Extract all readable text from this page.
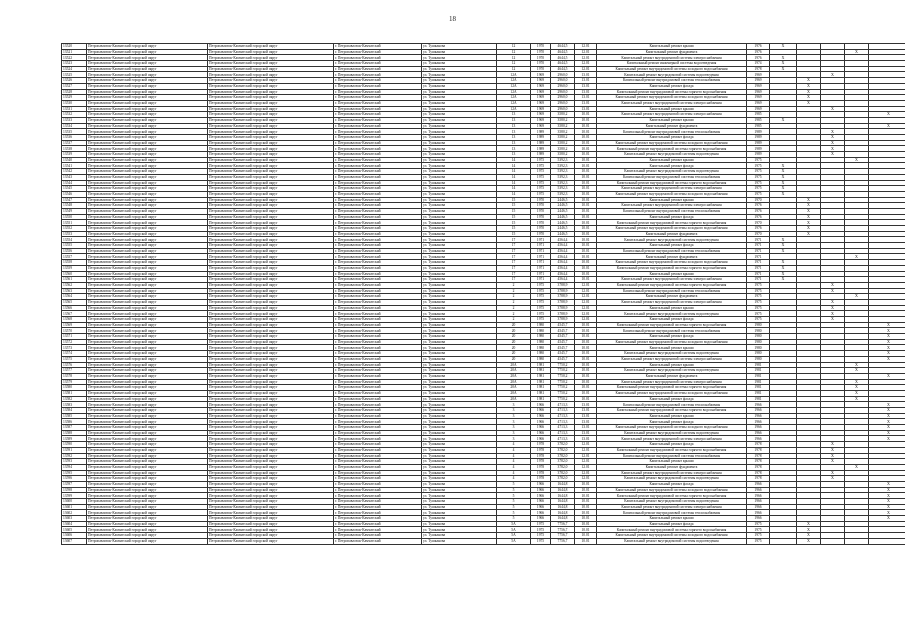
18
13520	Петропавловск-Камчатский городской округ	Петропавловск-Камчатский городской округ	г. Петропавловск-Камчатский	ул. Тушканова	12	1970	4644,5	12.01	Капитальный ремонт крыши	1976	X				
13521	Петропавловск-Камчатский городской округ	Петропавловск-Камчатский городской округ	г. Петропавловск-Камчатский	ул. Тушканова	12	1970	4644,5	12.01	Капитальный ремонт фундамента	1976				X	
13522	Петропавловск-Камчатский городской округ	Петропавловск-Камчатский городской округ	г. Петропавловск-Камчатский	ул. Тушканова	12	1970	4644,5	12.01	Капитальный ремонт внутридомовой системы электроснабжения	1976	X				
13523	Петропавловск-Камчатский городской округ	Петропавловск-Камчатский городской округ	г. Петропавловск-Камчатский	ул. Тушканова	12	1970	4644,5	12.01	Капитальный ремонт инженерной системы водоотведения	1974	X				
13524	Петропавловск-Камчатский городской округ	Петропавловск-Камчатский городской округ	г. Петропавловск-Камчатский	ул. Тушканова	12	1970	4644,5	12.01	Капитальный ремонт внутридомовой системы холодного водоснабжения	1978	X				
13525	Петропавловск-Камчатский городской округ	Петропавловск-Камчатский городской округ	г. Петропавловск-Камчатский	ул. Тушканова	12А	1969	2960,0	13.01	Капитальный ремонт внутридомовой системы водоотведения	1969			X		
13526	Петропавловск-Камчатский городской округ	Петропавловск-Камчатский городской округ	г. Петропавловск-Камчатский	ул. Тушканова	12А	1969	2960,0	13.01	Капитальный ремонт внутридомовой системы теплоснабжения	1969		X			
13527	Петропавловск-Камчатский городской округ	Петропавловск-Камчатский городской округ	г. Петропавловск-Камчатский	ул. Тушканова	12А	1969	2960,0	13.01	Капитальный ремонт фасада	1969		X			
13528	Петропавловск-Камчатский городской округ	Петропавловск-Камчатский городской округ	г. Петропавловск-Камчатский	ул. Тушканова	12А	1969	2960,0	13.01	Капитальный ремонт внутридомовой системы горячего водоснабжения	1969		X			
13529	Петропавловск-Камчатский городской округ	Петропавловск-Камчатский городской округ	г. Петропавловск-Камчатский	ул. Тушканова	12А	1969	2960,0	13.01	Капитальный ремонт внутридомовой системы холодного водоснабжения	1969		X			
13530	Петропавловск-Камчатский городской округ	Петропавловск-Камчатский городской округ	г. Петропавловск-Камчатский	ул. Тушканова	12А	1969	2960,0	13.01	Капитальный ремонт внутридомовой системы электроснабжения	1969		X			
13531	Петропавловск-Камчатский городской округ	Петропавловск-Камчатский городской округ	г. Петропавловск-Камчатский	ул. Тушканова	12А	1969	2960,0	13.01	Капитальный ремонт крыши	1969			X		
13532	Петропавловск-Камчатский городской округ	Петропавловск-Камчатский городской округ	г. Петропавловск-Камчатский	ул. Тушканова	13	1969	3580,2	10.01	Капитальный ремонт внутридомовой системы электроснабжения	1985					X
13533	Петропавловск-Камчатский городской округ	Петропавловск-Камчатский городской округ	г. Петропавловск-Камчатский	ул. Тушканова	13	1969	3580,2	10.01	Капитальный ремонт крыши	1985	X				
13534	Петропавловск-Камчатский городской округ	Петропавловск-Камчатский городской округ	г. Петропавловск-Камчатский	ул. Тушканова	13	1969	3580,2	10.01	Капитальный ремонт фундамента	1985					X
13535	Петропавловск-Камчатский городской округ	Петропавловск-Камчатский городской округ	г. Петропавловск-Камчатский	ул. Тушканова	13	1989	3580,2	10.01	Капитальный ремонт внутридомовой системы теплоснабжения	1989			X		
13536	Петропавловск-Камчатский городской округ	Петропавловск-Камчатский городской округ	г. Петропавловск-Камчатский	ул. Тушканова	13	1989	3580,2	10.01	Капитальный ремонт фасада	1989			X		
13537	Петропавловск-Камчатский городской округ	Петропавловск-Камчатский городской округ	г. Петропавловск-Камчатский	ул. Тушканова	13	1989	3580,2	10.01	Капитальный ремонт внутридомовой системы холодного водоснабжения	1989			X		
13538	Петропавловск-Камчатский городской округ	Петропавловск-Камчатский городской округ	г. Петропавловск-Камчатский	ул. Тушканова	13	1989	3580,2	10.01	Капитальный ремонт внутридомовой системы горячего водоснабжения	1989			X		
13539	Петропавловск-Камчатский городской округ	Петропавловск-Камчатский городской округ	г. Петропавловск-Камчатский	ул. Тушканова	13	1989	3580,2	10.01	Капитальный ремонт внутридомовой системы водоотведения	1989			X		
13540	Петропавловск-Камчатский городской округ	Петропавловск-Камчатский городской округ	г. Петропавловск-Камчатский	ул. Тушканова	14	1975	5392,3	10.01	Капитальный ремонт крыши	1975				X	
13541	Петропавловск-Камчатский городской округ	Петропавловск-Камчатский городской округ	г. Петропавловск-Камчатский	ул. Тушканова	14	1975	5392,3	10.01	Капитальный ремонт фасада	1975	X				
13542	Петропавловск-Камчатский городской округ	Петропавловск-Камчатский городской округ	г. Петропавловск-Камчатский	ул. Тушканова	14	1975	5392,3	10.01	Капитальный ремонт внутридомовой системы водоотведения	1975	X				
13543	Петропавловск-Камчатский городской округ	Петропавловск-Камчатский городской округ	г. Петропавловск-Камчатский	ул. Тушканова	14	1975	5392,3	10.01	Капитальный ремонт внутридомовой системы теплоснабжения	1975	X				
13544	Петропавловск-Камчатский городской округ	Петропавловск-Камчатский городской округ	г. Петропавловск-Камчатский	ул. Тушканова	14	1975	5392,3	10.01	Капитальный ремонт внутридомовой системы горячего водоснабжения	1975	X				
13545	Петропавловск-Камчатский городской округ	Петропавловск-Камчатский городской округ	г. Петропавловск-Камчатский	ул. Тушканова	14	1975	5392,3	10.01	Капитальный ремонт внутридомовой системы электроснабжения	1975	X				
13546	Петропавловск-Камчатский городской округ	Петропавловск-Камчатский городской округ	г. Петропавловск-Камчатский	ул. Тушканова	14	1975	5392,3	10.01	Капитальный ремонт внутридомовой системы холодного водоснабжения	1975	X				
13547	Петропавловск-Камчатский городской округ	Петропавловск-Камчатский городской округ	г. Петропавловск-Камчатский	ул. Тушканова	15	1970	2446,5	10.01	Капитальный ремонт крыши	1970		X			
13548	Петропавловск-Камчатский городской округ	Петропавловск-Камчатский городской округ	г. Петропавловск-Камчатский	ул. Тушканова	15	1970	2446,5	10.01	Капитальный ремонт внутридомовой системы электроснабжения	1976		X			
13549	Петропавловск-Камчатский городской округ	Петропавловск-Камчатский городской округ	г. Петропавловск-Камчатский	ул. Тушканова	15	1970	2446,5	10.01	Капитальный ремонт внутридомовой системы теплоснабжения	1976		X			
13550	Петропавловск-Камчатский городской округ	Петропавловск-Камчатский городской округ	г. Петропавловск-Камчатский	ул. Тушканова	15	1970	2446,5	10.01	Капитальный ремонт фасада	1976		X			
13551	Петропавловск-Камчатский городской округ	Петропавловск-Камчатский городской округ	г. Петропавловск-Камчатский	ул. Тушканова	15	1970	2446,5	10.01	Капитальный ремонт внутридомовой системы горячего водоснабжения	1970		X			
13552	Петропавловск-Камчатский городской округ	Петропавловск-Камчатский городской округ	г. Петропавловск-Камчатский	ул. Тушканова	15	1970	2446,5	10.01	Капитальный ремонт внутридомовой системы холодного водоснабжения	1976		X			
13553	Петропавловск-Камчатский городской округ	Петропавловск-Камчатский городской округ	г. Петропавловск-Камчатский	ул. Тушканова	15	1970	2446,5	10.01	Капитальный ремонт фундамента	1970		X			
13554	Петропавловск-Камчатский городской округ	Петропавловск-Камчатский городской округ	г. Петропавловск-Камчатский	ул. Тушканова	17	1971	4564,4	10.01	Капитальный ремонт внутридомовой системы водоотведения	1971	X				
13555	Петропавловск-Камчатский городской округ	Петропавловск-Камчатский городской округ	г. Петропавловск-Камчатский	ул. Тушканова	17	1971	4564,4	10.01	Капитальный ремонт фасада	1971	X				
13556	Петропавловск-Камчатский городской округ	Петропавловск-Камчатский городской округ	г. Петропавловск-Камчатский	ул. Тушканова	17	1971	4564,4	10.01	Капитальный ремонт внутридомовой системы теплоснабжения	1971	X				
13557	Петропавловск-Камчатский городской округ	Петропавловск-Камчатский городской округ	г. Петропавловск-Камчатский	ул. Тушканова	17	1971	4564,4	10.01	Капитальный ремонт фундамента	1971				X	
13558	Петропавловск-Камчатский городской округ	Петропавловск-Камчатский городской округ	г. Петропавловск-Камчатский	ул. Тушканова	17	1971	4564,4	10.01	Капитальный ремонт внутридомовой системы холодного водоснабжения	1971	X				
13559	Петропавловск-Камчатский городской округ	Петропавловск-Камчатский городской округ	г. Петропавловск-Камчатский	ул. Тушканова	17	1971	4564,4	10.01	Капитальный ремонт внутридомовой системы горячего водоснабжения	1971	X				
13560	Петропавловск-Камчатский городской округ	Петропавловск-Камчатский городской округ	г. Петропавловск-Камчатский	ул. Тушканова	17	1971	4564,4	10.01	Капитальный ремонт крыши	1971	X				
13561	Петропавловск-Камчатский городской округ	Петропавловск-Камчатский городской округ	г. Петропавловск-Камчатский	ул. Тушканова	17	1971	4564,4	10.01	Капитальный ремонт внутридомовой системы электроснабжения	1971	X				
13562	Петропавловск-Камчатский городской округ	Петропавловск-Камчатский городской округ	г. Петропавловск-Камчатский	ул. Тушканова	2	1975	3788,9	12.01	Капитальный ремонт внутридомовой системы горячего водоснабжения	1975			X		
13563	Петропавловск-Камчатский городской округ	Петропавловск-Камчатский городской округ	г. Петропавловск-Камчатский	ул. Тушканова	2	1975	3788,9	12.01	Капитальный ремонт внутридомовой системы теплоснабжения	1975			X		
13564	Петропавловск-Камчатский городской округ	Петропавловск-Камчатский городской округ	г. Петропавловск-Камчатский	ул. Тушканова	2	1975	3788,9	12.01	Капитальный ремонт фундамента	1975				X	
13565	Петропавловск-Камчатский городской округ	Петропавловск-Камчатский городской округ	г. Петропавловск-Камчатский	ул. Тушканова	2	1975	3788,9	12.01	Капитальный ремонт внутридомовой системы электроснабжения	1975			X		
13566	Петропавловск-Камчатский городской округ	Петропавловск-Камчатский городской округ	г. Петропавловск-Камчатский	ул. Тушканова	2	1975	3788,9	12.01	Капитальный ремонт крыши	1975			X		
13567	Петропавловск-Камчатский городской округ	Петропавловск-Камчатский городской округ	г. Петропавловск-Камчатский	ул. Тушканова	2	1975	3788,9	12.01	Капитальный ремонт внутридомовой системы водоотведения	1975			X		
13568	Петропавловск-Камчатский городской округ	Петропавловск-Камчатский городской округ	г. Петропавловск-Камчатский	ул. Тушканова	2	1975	3788,9	12.01	Капитальный ремонт фасада	1975			X		
13569	Петропавловск-Камчатский городской округ	Петропавловск-Камчатский городской округ	г. Петропавловск-Камчатский	ул. Тушканова	20	1980	4545,7	10.01	Капитальный ремонт внутридомовой системы горячего водоснабжения	1980					X
13570	Петропавловск-Камчатский городской округ	Петропавловск-Камчатский городской округ	г. Петропавловск-Камчатский	ул. Тушканова	20	1980	4545,7	10.01	Капитальный ремонт внутридомовой системы теплоснабжения	1980					X
13571	Петропавловск-Камчатский городской округ	Петропавловск-Камчатский городской округ	г. Петропавловск-Камчатский	ул. Тушканова	20	1980	4545,7	10.01	Капитальный ремонт фасада	1980					X
13572	Петропавловск-Камчатский городской округ	Петропавловск-Камчатский городской округ	г. Петропавловск-Камчатский	ул. Тушканова	20	1980	4545,7	10.01	Капитальный ремонт внутридомовой системы холодного водоснабжения	1980					X
13573	Петропавловск-Камчатский городской округ	Петропавловск-Камчатский городской округ	г. Петропавловск-Камчатский	ул. Тушканова	20	1980	4545,7	10.01	Капитальный ремонт крыши	1980					X
13574	Петропавловск-Камчатский городской округ	Петропавловск-Камчатский городской округ	г. Петропавловск-Камчатский	ул. Тушканова	20	1980	4545,7	10.01	Капитальный ремонт внутридомовой системы водоотведения	1980					X
13575	Петропавловск-Камчатский городской округ	Петропавловск-Камчатский городской округ	г. Петропавловск-Камчатский	ул. Тушканова	20	1980	4545,7	10.01	Капитальный ремонт внутридомовой системы электроснабжения	1980					X
13576	Петропавловск-Камчатский городской округ	Петропавловск-Камчатский городской округ	г. Петропавловск-Камчатский	ул. Тушканова	20А	1981	7750,2	10.01	Капитальный ремонт крыши	1981				X	
13577	Петропавловск-Камчатский городской округ	Петропавловск-Камчатский городской округ	г. Петропавловск-Камчатский	ул. Тушканова	20А	1981	7750,2	10.01	Капитальный ремонт внутридомовой системы водоотведения	1981				X	
13578	Петропавловск-Камчатский городской округ	Петропавловск-Камчатский городской округ	г. Петропавловск-Камчатский	ул. Тушканова	20А	1981	7750,2	10.01	Капитальный ремонт фундамента	1981					X
13579	Петропавловск-Камчатский городской округ	Петропавловск-Камчатский городской округ	г. Петропавловск-Камчатский	ул. Тушканова	20А	1981	7750,2	10.01	Капитальный ремонт внутридомовой системы электроснабжения	1981				X	
13580	Петропавловск-Камчатский городской округ	Петропавловск-Камчатский городской округ	г. Петропавловск-Камчатский	ул. Тушканова	20А	1981	7750,2	10.01	Капитальный ремонт внутридомовой системы горячего водоснабжения	1981				X	
13581	Петропавловск-Камчатский городской округ	Петропавловск-Камчатский городской округ	г. Петропавловск-Камчатский	ул. Тушканова	20А	1981	7750,2	10.01	Капитальный ремонт внутридомовой системы холодного водоснабжения	1981				X	
13582	Петропавловск-Камчатский городской округ	Петропавловск-Камчатский городской округ	г. Петропавловск-Камчатский	ул. Тушканова	20А	1981	7750,2	10.01	Капитальный ремонт фасада	1981				X	
13583	Петропавловск-Камчатский городской округ	Петропавловск-Камчатский городской округ	г. Петропавловск-Камчатский	ул. Тушканова	3	1966	4713,3	13.01	Капитальный ремонт внутридомовой системы теплоснабжения	1966					X
13584	Петропавловск-Камчатский городской округ	Петропавловск-Камчатский городской округ	г. Петропавловск-Камчатский	ул. Тушканова	3	1966	4713,3	13.01	Капитальный ремонт внутридомовой системы горячего водоснабжения	1966					X
13585	Петропавловск-Камчатский городской округ	Петропавловск-Камчатский городской округ	г. Петропавловск-Камчатский	ул. Тушканова	3	1966	4713,3	13.01	Капитальный ремонт крыши	1966					X
13586	Петропавловск-Камчатский городской округ	Петропавловск-Камчатский городской округ	г. Петропавловск-Камчатский	ул. Тушканова	3	1966	4713,3	13.01	Капитальный ремонт фасада	1966					X
13587	Петропавловск-Камчатский городской округ	Петропавловск-Камчатский городской округ	г. Петропавловск-Камчатский	ул. Тушканова	3	1966	4713,3	13.01	Капитальный ремонт внутридомовой системы холодного водоснабжения	1966					X
13588	Петропавловск-Камчатский городской округ	Петропавловск-Камчатский городской округ	г. Петропавловск-Камчатский	ул. Тушканова	3	1966	4713,3	13.01	Капитальный ремонт внутридомовой системы водоотведения	1966					X
13589	Петропавловск-Камчатский городской округ	Петропавловск-Камчатский городской округ	г. Петропавловск-Камчатский	ул. Тушканова	3	1966	4713,3	13.01	Капитальный ремонт внутридомовой системы электроснабжения	1966					X
13590	Петропавловск-Камчатский городской округ	Петропавловск-Камчатский городской округ	г. Петропавловск-Камчатский	ул. Тушканова	4	1978	3782,0	12.01	Капитальный ремонт фасада	1978			X		
13591	Петропавловск-Камчатский городской округ	Петропавловск-Камчатский городской округ	г. Петропавловск-Камчатский	ул. Тушканова	4	1978	3782,0	12.01	Капитальный ремонт внутридомовой системы горячего водоснабжения	1978			X		
13592	Петропавловск-Камчатский городской округ	Петропавловск-Камчатский городской округ	г. Петропавловск-Камчатский	ул. Тушканова	4	1978	3782,0	12.01	Капитальный ремонт внутридомовой системы теплоснабжения	1978			X		
13593	Петропавловск-Камчатский городской округ	Петропавловск-Камчатский городской округ	г. Петропавловск-Камчатский	ул. Тушканова	4	1978	3782,0	12.01	Капитальный ремонт крыши	1978			X		
13594	Петропавловск-Камчатский городской округ	Петропавловск-Камчатский городской округ	г. Петропавловск-Камчатский	ул. Тушканова	4	1978	3782,0	12.01	Капитальный ремонт фундамента	1978				X	
13595	Петропавловск-Камчатский городской округ	Петропавловск-Камчатский городской округ	г. Петропавловск-Камчатский	ул. Тушканова	4	1978	3782,0	12.01	Капитальный ремонт внутридомовой системы электроснабжения	1978			X		
13596	Петропавловск-Камчатский городской округ	Петропавловск-Камчатский городской округ	г. Петропавловск-Камчатский	ул. Тушканова	4	1978	3782,0	12.01	Капитальный ремонт внутридомовой системы водоотведения	1978			X		
13597	Петропавловск-Камчатский городской округ	Петропавловск-Камчатский городской округ	г. Петропавловск-Камчатский	ул. Тушканова	5	1966	1644,8	10.01	Капитальный ремонт фасада	1966					X
13598	Петропавловск-Камчатский городской округ	Петропавловск-Камчатский городской округ	г. Петропавловск-Камчатский	ул. Тушканова	5	1966	1644,8	10.01	Капитальный ремонт внутридомовой системы холодного водоснабжения	1966					X
13599	Петропавловск-Камчатский городской округ	Петропавловск-Камчатский городской округ	г. Петропавловск-Камчатский	ул. Тушканова	5	1966	1644,8	10.01	Капитальный ремонт внутридомовой системы горячего водоснабжения	1966					X
13600	Петропавловск-Камчатский городской округ	Петропавловск-Камчатский городской округ	г. Петропавловск-Камчатский	ул. Тушканова	5	1966	1644,8	10.01	Капитальный ремонт внутридомовой системы водоотведения	1966					X
13601	Петропавловск-Камчатский городской округ	Петропавловск-Камчатский городской округ	г. Петропавловск-Камчатский	ул. Тушканова	5	1966	1644,8	10.01	Капитальный ремонт внутридомовой системы электроснабжения	1966					X
13602	Петропавловск-Камчатский городской округ	Петропавловск-Камчатский городской округ	г. Петропавловск-Камчатский	ул. Тушканова	5	1966	1644,8	10.01	Капитальный ремонт внутридомовой системы теплоснабжения	1966					X
13603	Петропавловск-Камчатский городской округ	Петропавловск-Камчатский городской округ	г. Петропавловск-Камчатский	ул. Тушканова	5	1966	1644,8	10.01	Капитальный ремонт крыши	1966					X
13604	Петропавловск-Камчатский городской округ	Петропавловск-Камчатский городской округ	г. Петропавловск-Камчатский	ул. Тушканова	5А	1975	7756,7	10.01	Капитальный ремонт фасада	1975		X			
13605	Петропавловск-Камчатский городской округ	Петропавловск-Камчатский городской округ	г. Петропавловск-Камчатский	ул. Тушканова	5А	1975	7756,7	10.01	Капитальный ремонт внутридомовой системы горячего водоснабжения	1975		X			
13606	Петропавловск-Камчатский городской округ	Петропавловск-Камчатский городской округ	г. Петропавловск-Камчатский	ул. Тушканова	5А	1975	7756,7	10.01	Капитальный ремонт внутридомовой системы холодного водоснабжения	1975		X			
13607	Петропавловск-Камчатский городской округ	Петропавловск-Камчатский городской округ	г. Петропавловск-Камчатский	ул. Тушканова	5А	1975	7756,7	10.01	Капитальный ремонт внутридомовой системы водоотведения	1975		X			
